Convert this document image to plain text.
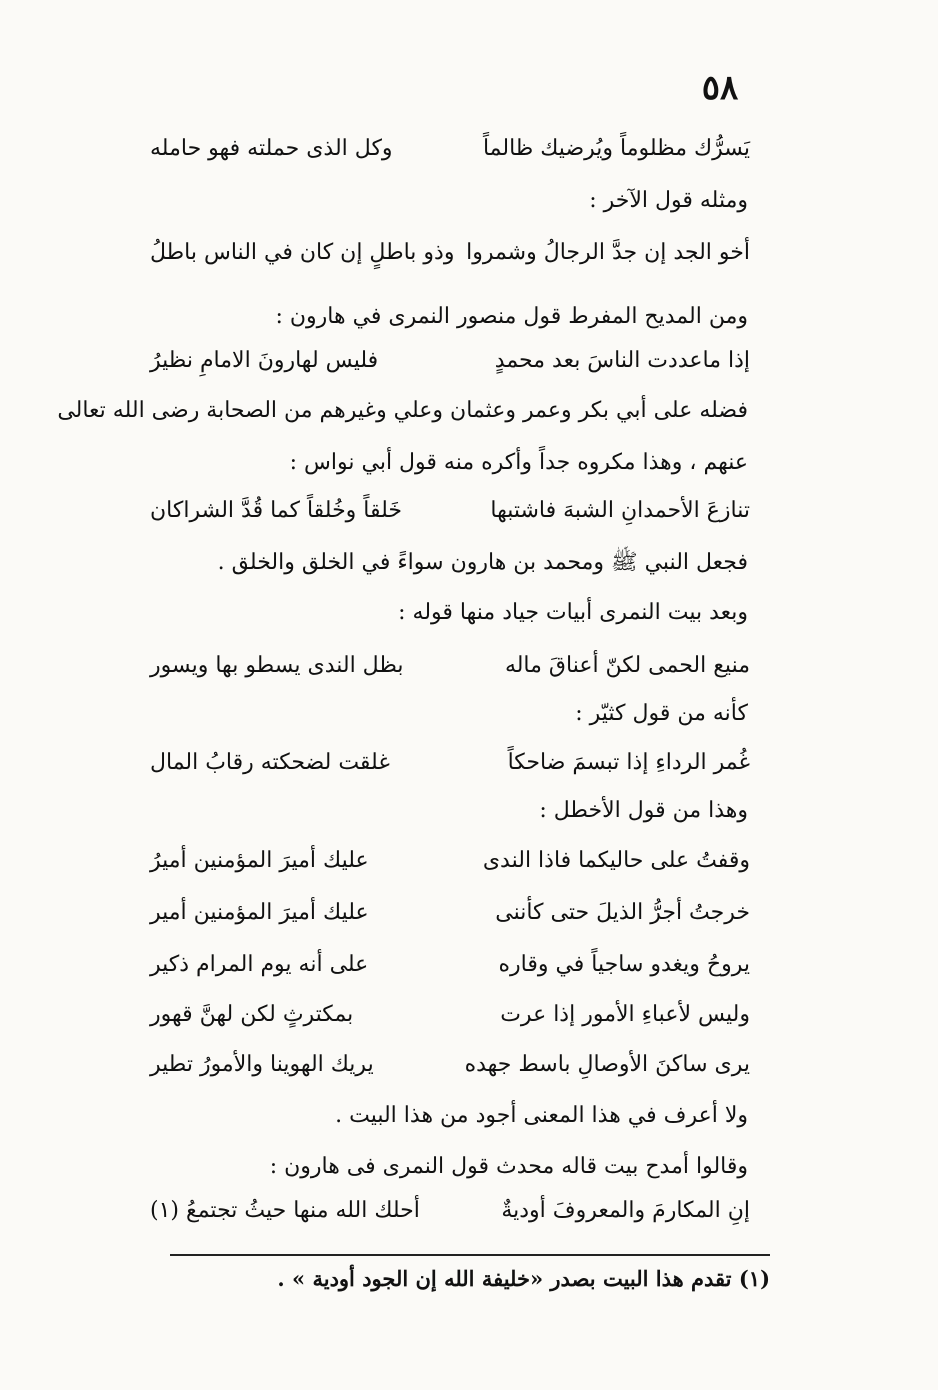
٥٨
يَسرُّك مظلوماً ويُرضيك ظالماً
وكل الذى حملته فهو حامله
ومثله قول الآخر :
أخو الجد إن جدَّ الرجالُ وشمروا
وذو باطلٍ إن كان في الناس باطلُ
ومن المديح المفرط قول منصور النمرى في هارون :
إذا ماعددت الناسَ بعد محمدٍ
فليس لهارونَ الامامِ نظيرُ
فضله على أبي بكر وعمر وعثمان وعلي وغيرهم من الصحابة رضى الله تعالى
عنهم ، وهذا مكروه جداً وأكره منه قول أبي نواس :
تنازعَ الأحمدانِ الشبهَ فاشتبها
خَلقاً وخُلقاً كما قُدَّ الشراكان
فجعل النبي ﷺ ومحمد بن هارون سواءً في الخلق والخلق .
وبعد بيت النمرى أبيات جياد منها قوله :
منيع الحمى لكنّ أعناقَ ماله
بظل الندى يسطو بها ويسور
كأنه من قول كثيّر :
غُمر الرداءِ إذا تبسمَ ضاحكاً
غلقت لضحكته رقابُ المال
وهذا من قول الأخطل :
وقفتُ على حاليكما فاذا الندى
عليك أميرَ المؤمنين أميرُ
خرجتُ أجرُّ الذيلَ حتى كأننى
عليك أميرَ المؤمنين أمير
يروحُ ويغدو ساجياً في وقاره
على أنه يوم المرام ذكير
وليس لأعباءِ الأمور إذا عرت
بمكترثٍ لكن لهنَّ قهور
يرى ساكنَ الأوصالِ باسط جهده
يريك الهوينا والأمورُ تطير
ولا أعرف في هذا المعنى أجود من هذا البيت .
وقالوا أمدح بيت قاله محدث قول النمرى فى هارون :
إنِ المكارمَ والمعروفَ أوديةٌ
أحلك الله منها حيثُ تجتمعُ (١)
(١) تقدم هذا البيت بصدر «خليفة الله إن الجود أودية » .
